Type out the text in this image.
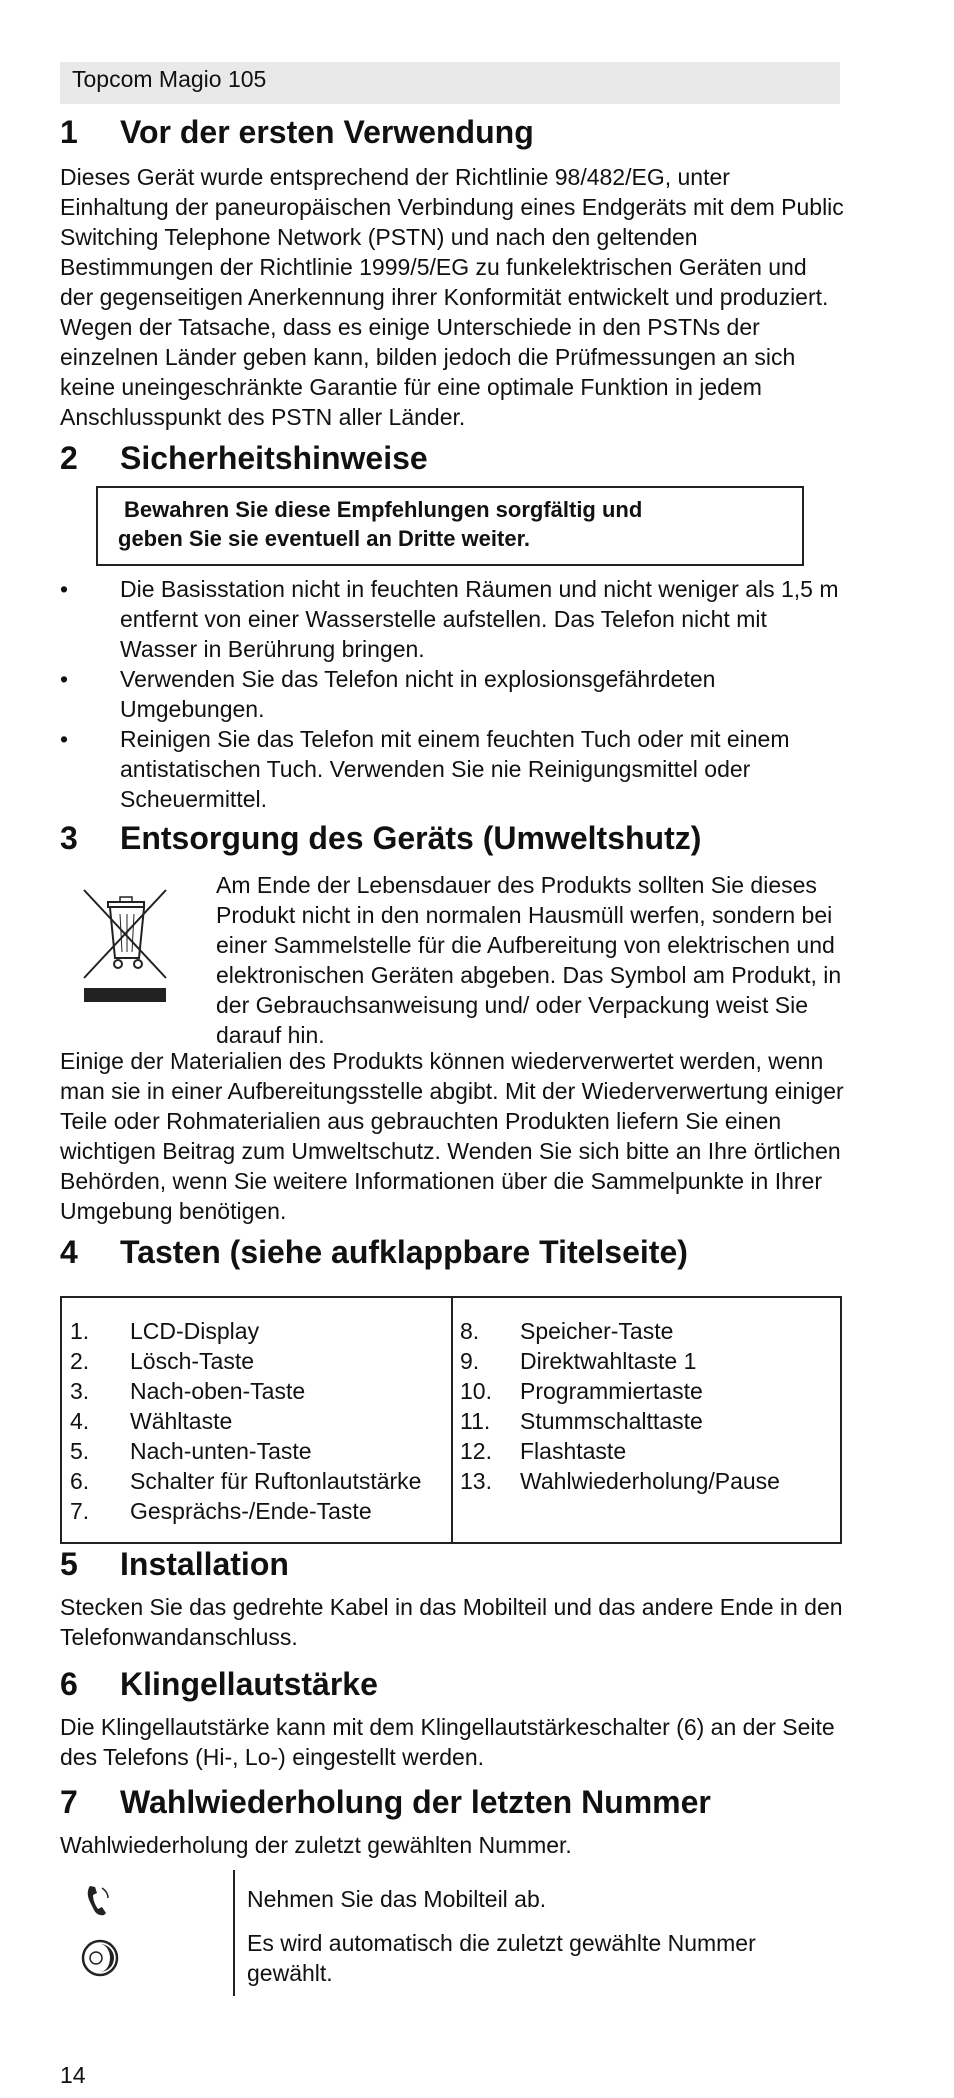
Topcom Magio 105
1 Vor der ersten Verwendung

Dieses Gerät wurde entsprechend der Richtlinie 98/482/EG, unter Einhaltung der paneuropäischen Verbindung eines Endgeräts mit dem Public Switching Telephone Network (PSTN) und nach den geltenden Bestimmungen der Richtlinie 1999/5/EG zu funkelektrischen Geräten und der gegenseitigen Anerkennung ihrer Konformität entwickelt und produziert. Wegen der Tatsache, dass es einige Unterschiede in den PSTNs der einzelnen Länder geben kann, bilden jedoch die Prüfmessungen an sich keine uneingeschränkte Garantie für eine optimale Funktion in jedem Anschlusspunkt des PSTN aller Länder.

2 Sicherheitshinweise
Bewahren Sie diese Empfehlungen sorgfältig und
geben Sie sie eventuell an Dritte weiter.
• Die Basisstation nicht in feuchten Räumen und nicht weniger als 1,5 m entfernt von einer Wasserstelle aufstellen. Das Telefon nicht mit Wasser in Berührung bringen.
• Verwenden Sie das Telefon nicht in explosionsgefährdeten Umgebungen.
• Reinigen Sie das Telefon mit einem feuchten Tuch oder mit einem antistatischen Tuch. Verwenden Sie nie Reinigungsmittel oder Scheuermittel.
3 Entsorgung des Geräts (Umweltshutz)

Am Ende der Lebensdauer des Produkts sollten Sie dieses Produkt nicht in den normalen Hausmüll werfen, sondern bei einer Sammelstelle für die Aufbereitung von elektrischen und elektronischen Geräten abgeben. Das Symbol am Produkt, in der Gebrauchsanweisung und/ oder Verpackung weist Sie darauf hin.

Einige der Materialien des Produkts können wiederverwertet werden, wenn man sie in einer Aufbereitungsstelle abgibt. Mit der Wiederverwertung einiger Teile oder Rohmaterialien aus gebrauchten Produkten liefern Sie einen wichtigen Beitrag zum Umweltschutz. Wenden Sie sich bitte an Ihre örtlichen Behörden, wenn Sie weitere Informationen über die Sammelpunkte in Ihrer Umgebung benötigen.

4 Tasten (siehe aufklappbare Titelseite)
1.	LCD-Display
2.	Lösch-Taste
3.	Nach-oben-Taste
4.	Wähltaste
5.	Nach-unten-Taste
6.	Schalter für Ruftonlautstärke
7.	Gesprächs-/Ende-Taste
8.	Speicher-Taste
9.	Direktwahltaste 1
10.	Programmiertaste
11.	Stummschalttaste
12.	Flashtaste
13.	Wahlwiederholung/Pause
5 Installation

Stecken Sie das gedrehte Kabel in das Mobilteil und das andere Ende in den Telefonwandanschluss.

6 Klingellautstärke

Die Klingellautstärke kann mit dem Klingellautstärkeschalter (6) an der Seite des Telefons (Hi-, Lo-) eingestellt werden.

7 Wahlwiederholung der letzten Nummer

Wahlwiederholung der zuletzt gewählten Nummer.

Nehmen Sie das Mobilteil ab.
Es wird automatisch die zuletzt gewählte Nummer gewählt.
14
